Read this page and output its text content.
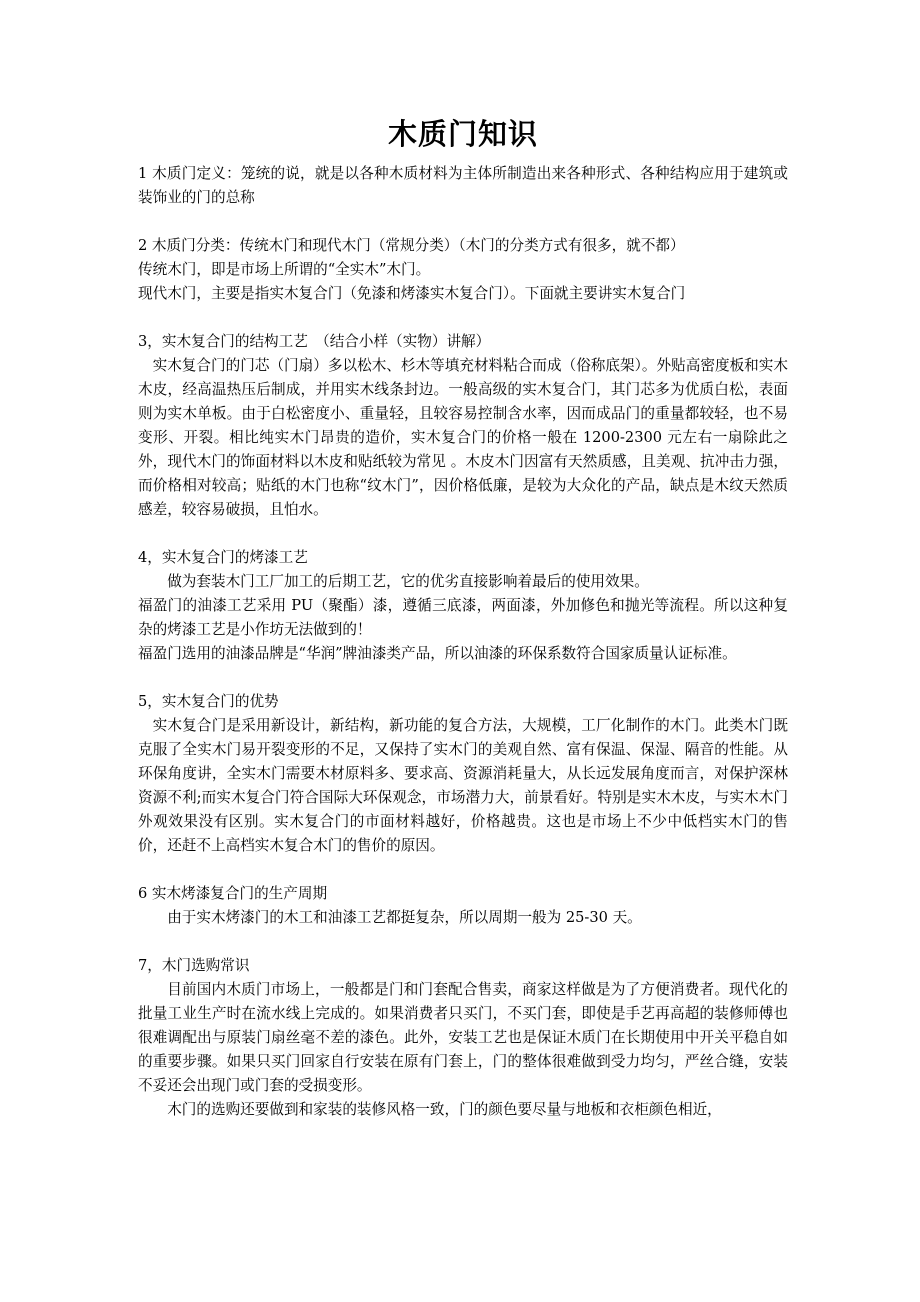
木质门知识

1 木质门定义：笼统的说，就是以各种木质材料为主体所制造出来各种形式、各种结构应用于建筑或装饰业的门的总称

2 木质门分类：传统木门和现代木门（常规分类）（木门的分类方式有很多，就不都）

传统木门，即是市场上所谓的“全实木”木门。

现代木门，主要是指实木复合门（免漆和烤漆实木复合门）。下面就主要讲实木复合门

3，实木复合门的结构工艺　（结合小样（实物）讲解）

实木复合门的门芯（门扇）多以松木、杉木等填充材料粘合而成（俗称底架）。外贴高密度板和实木木皮，经高温热压后制成，并用实木线条封边。一般高级的实木复合门，其门芯多为优质白松，表面则为实木单板。由于白松密度小、重量轻，且较容易控制含水率，因而成品门的重量都较轻，也不易 变形、开裂。相比纯实木门昂贵的造价，实木复合门的价格一般在 1200-2300 元左右一扇除此之外，现代木门的饰面材料以木皮和贴纸较为常见 。木皮木门因富有天然质感，且美观、抗冲击力强，而价格相对较高；贴纸的木门也称“纹木门”，因价格低廉，是较为大众化的产品，缺点是木纹天然质感差，较容易破损，且怕水。

4，实木复合门的烤漆工艺

做为套装木门工厂加工的后期工艺，它的优劣直接影响着最后的使用效果。

福盈门的油漆工艺采用 PU（聚酯）漆，遵循三底漆，两面漆，外加修色和抛光等流程。所以这种复杂的烤漆工艺是小作坊无法做到的！

福盈门选用的油漆品牌是“华润”牌油漆类产品，所以油漆的环保系数符合国家质量认证标准。

5，实木复合门的优势

实木复合门是采用新设计，新结构，新功能的复合方法，大规模，工厂化制作的木门。此类木门既克服了全实木门易开裂变形的不足，又保持了实木门的美观自然、富有保温、保湿、隔音的性能。从环保角度讲，全实木门需要木材原料多、要求高、资源消耗量大，从长远发展角度而言，对保护深林资源不利;而实木复合门符合国际大环保观念，市场潜力大，前景看好。特别是实木木皮，与实木木门外观效果没有区别。实木复合门的市面材料越好，价格越贵。这也是市场上不少中低档实木门的售价，还赶不上高档实木复合木门的售价的原因。

6 实木烤漆复合门的生产周期

由于实木烤漆门的木工和油漆工艺都挺复杂，所以周期一般为 25-30 天。

7，木门选购常识

目前国内木质门市场上，一般都是门和门套配合售卖，商家这样做是为了方便消费者。现代化的批量工业生产时在流水线上完成的。如果消费者只买门，不买门套，即使是手艺再高超的装修师傅也很难调配出与原装门扇丝毫不差的漆色。此外，安装工艺也是保证木质门在长期使用中开关平稳自如的重要步骤。如果只买门回家自行安装在原有门套上，门的整体很难做到受力均匀，严丝合缝，安装不妥还会出现门或门套的受损变形。

木门的选购还要做到和家装的装修风格一致，门的颜色要尽量与地板和衣柜颜色相近，
